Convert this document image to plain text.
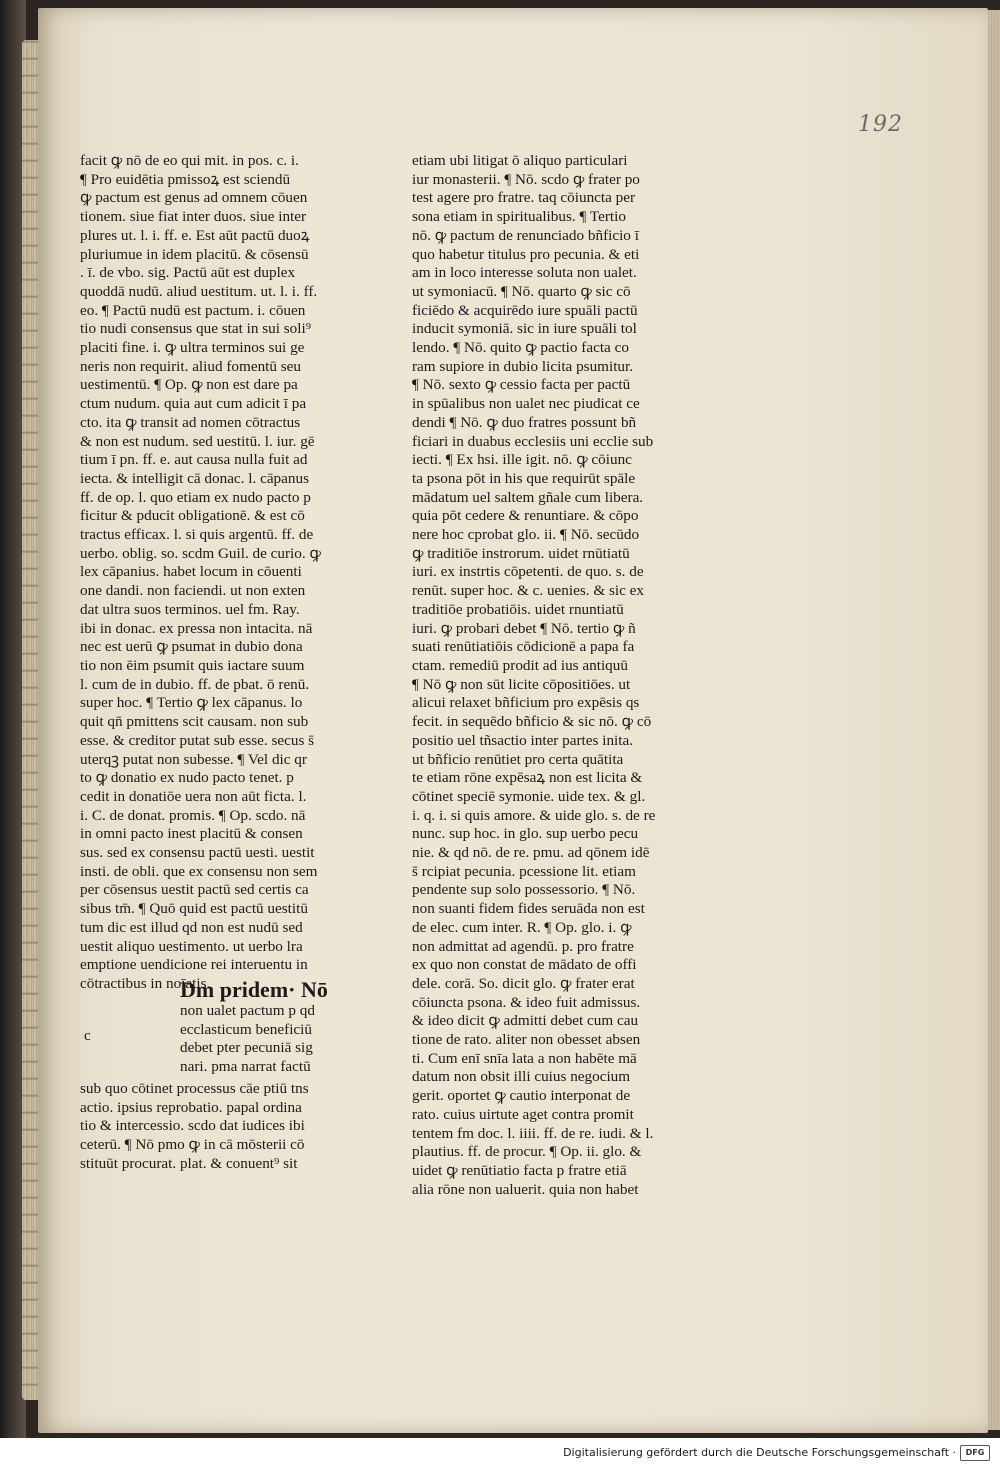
192
facit ꝙ nō de eo qui mit. in pos. c. i.
¶ Pro euidētia pmissoꝝ est sciendū
ꝙ pactum est genus ad omnem cōuen
tionem. siue fiat inter duos. siue inter
plures ut. l. i. ff. e. Est aūt pactū duoꝝ
pluriumue in idem placitū. & cōsensū
. ī. de vbo. sig. Pactū aūt est duplex
quoddā nudū. aliud uestitum. ut. l. i. ff.
eo. ¶ Pactū nudū est pactum. i. cōuen
tio nudi consensus que stat in sui soli⁹
placiti fine. i. ꝙ ultra terminos sui ge
neris non requirit. aliud fomentū seu
uestimentū. ¶ Op. ꝙ non est dare pa
ctum nudum. quia aut cum adicit ī pa
cto. ita ꝙ transit ad nomen cōtractus
& non est nudum. sed uestitū. l. iur. gē
tium ī pn. ff. e. aut causa nulla fuit ad
iecta. & intelligit cā donac. l. cāpanus
ff. de op. l. quo etiam ex nudo pacto p
ficitur & pducit obligationē. & est cō
tractus efficax. l. si quis argentū. ff. de
uerbo. oblig. so. scdm Guil. de curio. ꝙ
lex cāpanius. habet locum in cōuenti
one dandi. non faciendi. ut non exten
dat ultra suos terminos. uel fm. Ray.
ibi in donac. ex pressa non intacita. nā
nec est uerū ꝙ psumat in dubio dona
tio non ēim psumit quis iactare suum
l. cum de in dubio. ff. de pbat. ō renū.
super hoc. ¶ Tertio ꝙ lex cāpanus. lo
quit qn̄ pmittens scit causam. non sub
esse. & creditor putat sub esse. secus s̄
uterqꝫ putat non subesse. ¶ Vel dic qr
to ꝙ donatio ex nudo pacto tenet. p
cedit in donatiōe uera non aūt ficta. l.
i. C. de donat. promis. ¶ Op. scdo. nā
in omni pacto inest placitū & consen
sus. sed ex consensu pactū uesti. uestit
insti. de obli. que ex consensu non sem
per cōsensus uestit pactū sed certis ca
sibus tm̄. ¶ Quō quid est pactū uestitū
tum dic est illud qd non est nudū sed
uestit aliquo uestimento. ut uerbo lra
emptione uendicione rei interuentu in
cōtractibus in noīatis.
c
Dm pridem· Nō
non ualet pactum p qd
ecclasticum beneficiū
debet pter pecuniā sig
nari. pma narrat factū
sub quo cōtinet processus cāe ptiū tns
actio. ipsius reprobatio. papal ordina
tio & intercessio. scdo dat iudices ibi
ceterū. ¶ Nō pmo ꝙ in cā mōsterii cō
stituūt procurat. plat. & conuent⁹ sit
etiam ubi litigat ō aliquo particulari
iur monasterii. ¶ Nō. scdo ꝙ frater po
test agere pro fratre. taq cōiuncta per
sona etiam in spiritualibus. ¶ Tertio
nō. ꝙ pactum de renunciado bñficio ī
quo habetur titulus pro pecunia. & eti
am in loco interesse soluta non ualet.
ut symoniacū. ¶ Nō. quarto ꝙ sic cō
ficiēdo & acquirēdo iure spuāli pactū
inducit symoniā. sic in iure spuāli tol
lendo. ¶ Nō. quito ꝙ pactio facta co
ram supiore in dubio licita psumitur.
¶ Nō. sexto ꝙ cessio facta per pactū
in spūalibus non ualet nec piudicat ce
dendi ¶ Nō. ꝙ duo fratres possunt bñ
ficiari in duabus ecclesiis uni ecclie sub
iecti. ¶ Ex hsi. ille igit. nō. ꝙ cōiunc
ta psona pōt in his que requirūt spāle
mādatum uel saltem gñale cum libera.
quia pōt cedere & renuntiare. & cōpo
nere hoc cprobat glo. ii. ¶ Nō. secūdo
ꝙ traditiōe instrorum. uidet rnūtiatū
iuri. ex instrtis cōpetenti. de quo. s. de
renūt. super hoc. & c. uenies. & sic ex
traditiōe probatiōis. uidet rnuntiatū
iuri. ꝙ probari debet ¶ Nō. tertio ꝙ ñ
suati renūtiatiōis cōdicionē a papa fa
ctam. remediū prodit ad ius antiquū
¶ Nō ꝙ non sūt licite cōpositiōes. ut
alicui relaxet bñficium pro expēsis qs
fecit. in sequēdo bñficio & sic nō. ꝙ cō
positio uel tñsactio inter partes inita.
ut bñficio renūtiet pro certa quātita
te etiam rōne expēsaꝝ non est licita &
cōtinet speciē symonie. uide tex. & gl.
i. q. i. si quis amore. & uide glo. s. de re
nunc. sup hoc. in glo. sup uerbo pecu
nie. & qd nō. de re. pmu. ad qōnem idē
s̄ rcipiat pecunia. pcessione lit. etiam
pendente sup solo possessorio. ¶ Nō.
non suanti fidem fides seruāda non est
de elec. cum inter. R. ¶ Op. glo. i. ꝙ
non admittat ad agendū. p. pro fratre
ex quo non constat de mādato de offi
dele. corā. So. dicit glo. ꝙ frater erat
cōiuncta psona. & ideo fuit admissus.
& ideo dicit ꝙ admitti debet cum cau
tione de rato. aliter non obesset absen
ti. Cum enī snīa lata a non habēte mā
datum non obsit illi cuius negocium
gerit. oportet ꝙ cautio interponat de
rato. cuius uirtute aget contra promit
tentem fm doc. l. iiii. ff. de re. iudi. & l.
plautius. ff. de procur. ¶ Op. ii. glo. &
uidet ꝙ renūtiatio facta p fratre etiā
alia rōne non ualuerit. quia non habet
Digitalisierung gefördert durch die Deutsche Forschungsgemeinschaft ·	DFG
